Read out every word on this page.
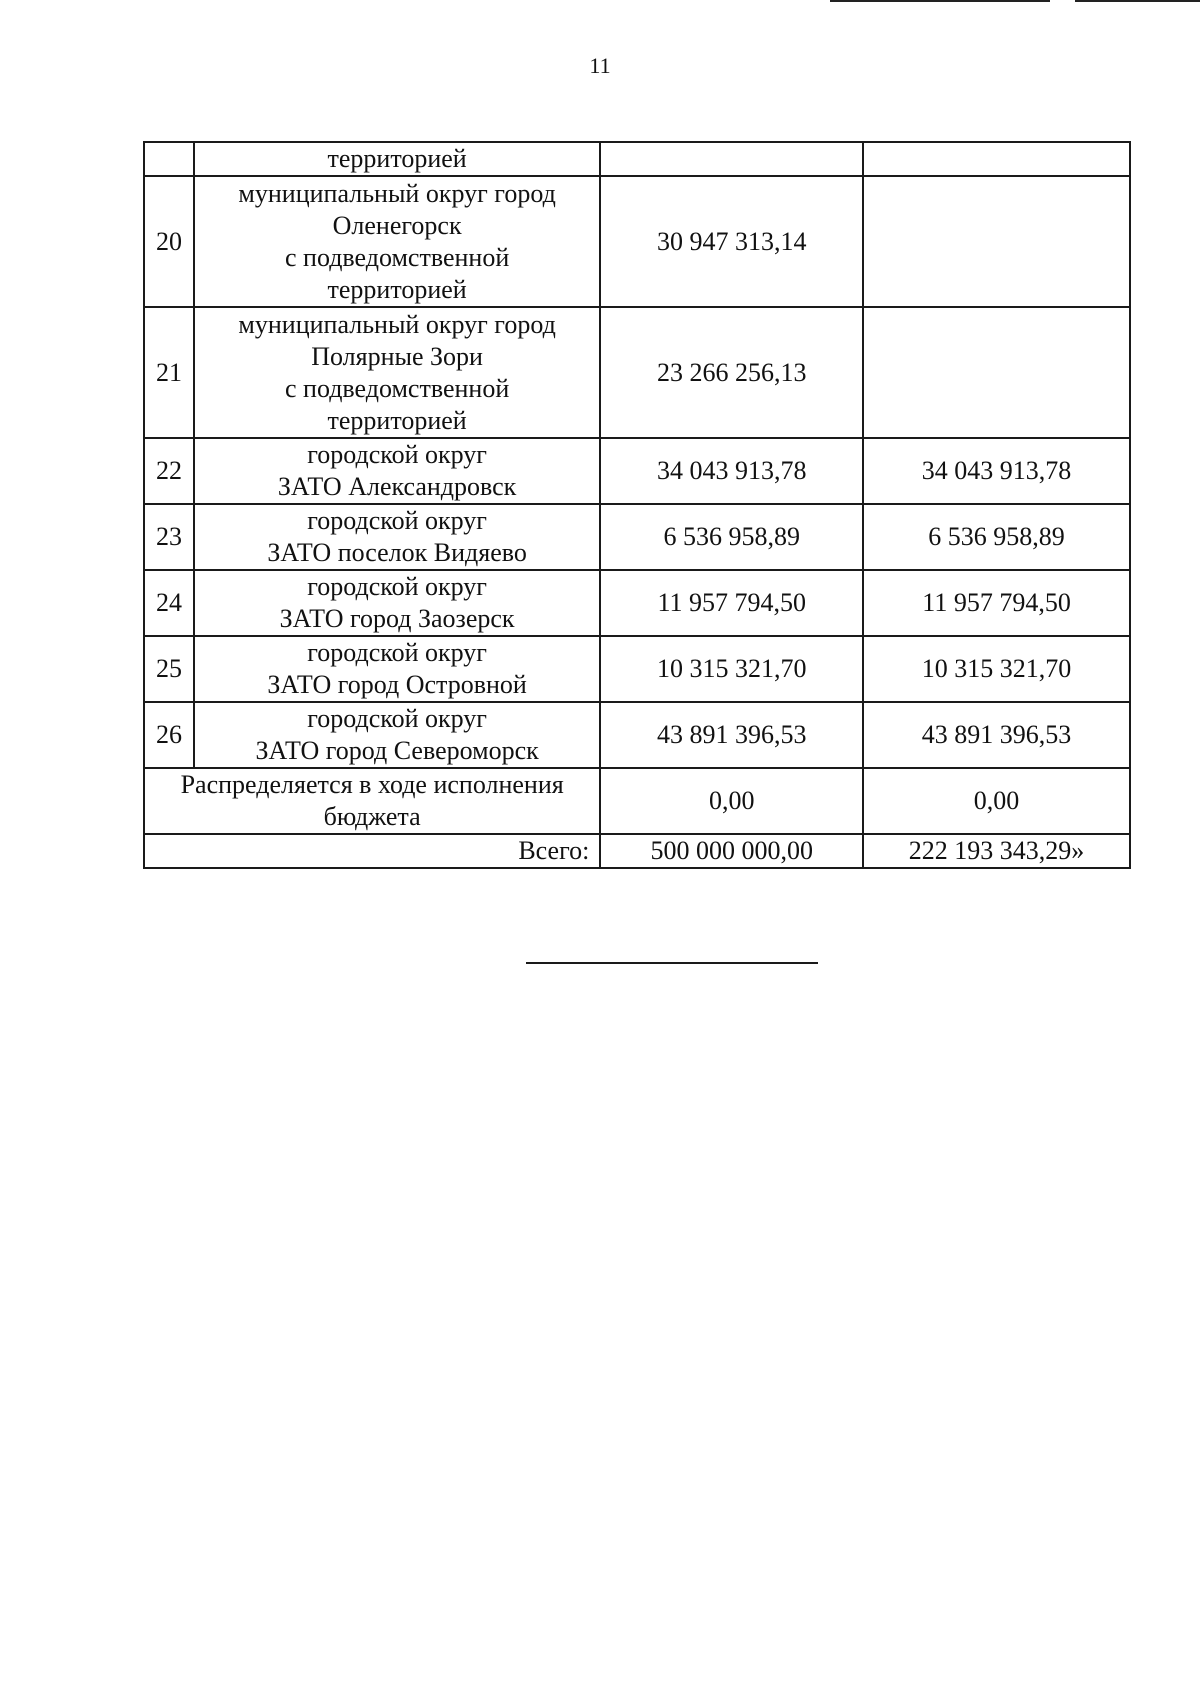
11

	территорией		

20	муниципальный округ город
Оленегорск
с подведомственной
территорией	30 947 313,14	
21	муниципальный округ город
Полярные Зори
с подведомственной
территорией	23 266 256,13	
22	городской округ
ЗАТО Александровск	34 043 913,78	34 043 913,78
23	городской округ
ЗАТО поселок Видяево	6 536 958,89	6 536 958,89
24	городской округ
ЗАТО город Заозерск	11 957 794,50	11 957 794,50
25	городской округ
ЗАТО город Островной	10 315 321,70	10 315 321,70
26	городской округ
ЗАТО город Североморск	43 891 396,53	43 891 396,53

Распределяется в ходе исполнения
бюджета		0,00	0,00
Всего:		500 000 000,00	222 193 343,29»
